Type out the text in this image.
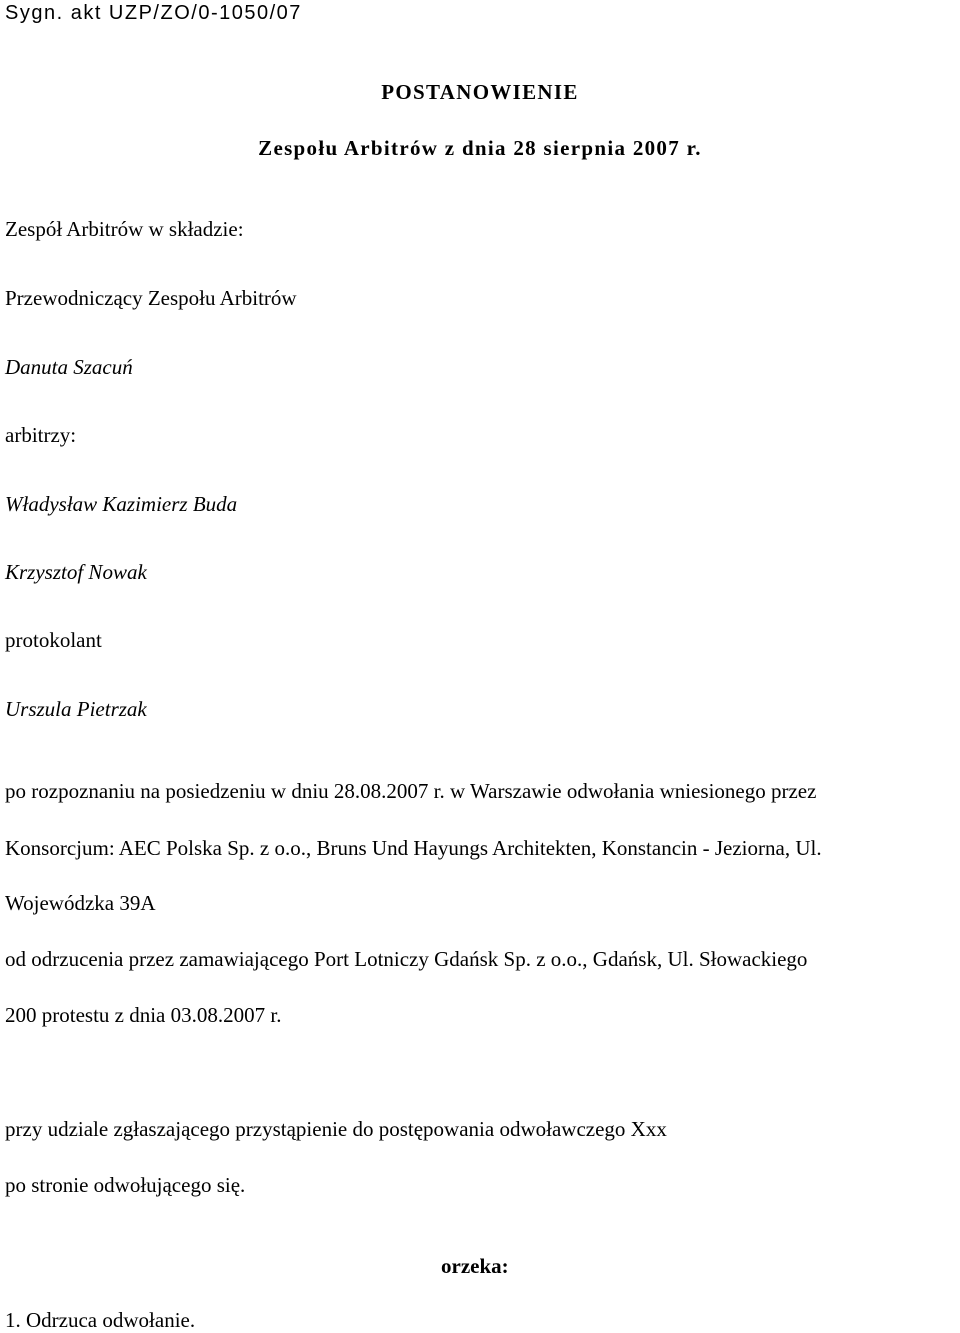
Sygn. akt UZP/ZO/0-1050/07
POSTANOWIENIE
Zespołu Arbitrów z dnia 28 sierpnia 2007 r.
Zespół Arbitrów w składzie:
Przewodniczący Zespołu Arbitrów
Danuta Szacuń
arbitrzy:
Władysław Kazimierz Buda
Krzysztof Nowak
protokolant
Urszula Pietrzak
po rozpoznaniu na posiedzeniu w dniu 28.08.2007 r. w Warszawie odwołania wniesionego przez
Konsorcjum: AEC Polska Sp. z o.o., Bruns Und Hayungs Architekten, Konstancin - Jeziorna, Ul.
Wojewódzka 39A
od odrzucenia przez zamawiającego Port Lotniczy Gdańsk Sp. z o.o., Gdańsk, Ul. Słowackiego
200 protestu z dnia 03.08.2007 r.
przy udziale zgłaszającego przystąpienie do postępowania odwoławczego Xxx
po stronie odwołującego się.
orzeka:
1. Odrzuca odwołanie.
